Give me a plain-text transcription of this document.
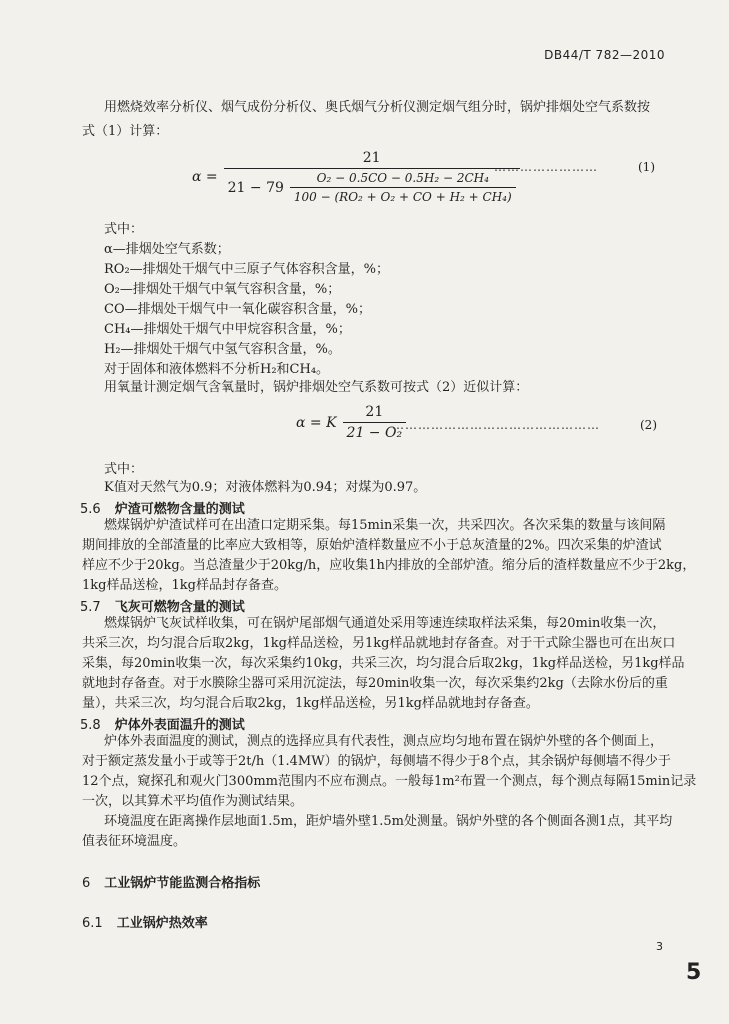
DB44/T 782—2010
用燃烧效率分析仪、烟气成份分析仪、奥氏烟气分析仪测定烟气组分时，锅炉排烟处空气系数按
式（1）计算：
α =
21
$21 - 79 \frac{\text{O₂ − 0.5CO − 0.5H₂ − 2CH₄}}{\text{100 − (RO₂ + O₂ + CO + H₂ + CH₄)}}$
……………………	(1)
式中：
α—排烟处空气系数；
RO₂—排烟处干烟气中三原子气体容积含量，%；
O₂—排烟处干烟气中氧气容积含量，%；
CO—排烟处干烟气中一氧化碳容积含量，%；
CH₄—排烟处干烟气中甲烷容积含量，%；
H₂—排烟处干烟气中氢气容积含量，%。
对于固体和液体燃料不分析H₂和CH₄。
用氧量计测定烟气含氧量时，锅炉排烟处空气系数可按式（2）近似计算：
α = K $\frac{21}{\text{21 − O₂}}$
…………………………………………	(2)
式中：
K值对天然气为0.9；对液体燃料为0.94；对煤为0.97。
5.6 炉渣可燃物含量的测试
燃煤锅炉炉渣试样可在出渣口定期采集。每15min采集一次，共采四次。各次采集的数量与该间隔
期间排放的全部渣量的比率应大致相等，原始炉渣样数量应不小于总灰渣量的2%。四次采集的炉渣试
样应不少于20kg。当总渣量少于20kg/h，应收集1h内排放的全部炉渣。缩分后的渣样数量应不少于2kg，
1kg样品送检，1kg样品封存备查。
5.7 飞灰可燃物含量的测试
燃煤锅炉飞灰试样收集，可在锅炉尾部烟气通道处采用等速连续取样法采集，每20min收集一次，
共采三次，均匀混合后取2kg，1kg样品送检，另1kg样品就地封存备查。对于干式除尘器也可在出灰口
采集，每20min收集一次，每次采集约10kg，共采三次，均匀混合后取2kg，1kg样品送检，另1kg样品
就地封存备查。对于水膜除尘器可采用沉淀法，每20min收集一次，每次采集约2kg（去除水份后的重
量），共采三次，均匀混合后取2kg，1kg样品送检，另1kg样品就地封存备查。
5.8 炉体外表面温升的测试
炉体外表面温度的测试，测点的选择应具有代表性，测点应均匀地布置在锅炉外壁的各个侧面上，
对于额定蒸发量小于或等于2t/h（1.4MW）的锅炉，每侧墙不得少于8个点，其余锅炉每侧墙不得少于
12个点，窥探孔和观火门300mm范围内不应布测点。一般每1m²布置一个测点，每个测点每隔15min记录
一次，以其算术平均值作为测试结果。
环境温度在距离操作层地面1.5m，距炉墙外壁1.5m处测量。锅炉外壁的各个侧面各测1点，其平均
值表征环境温度。
6 工业锅炉节能监测合格指标
6.1 工业锅炉热效率
3
5
